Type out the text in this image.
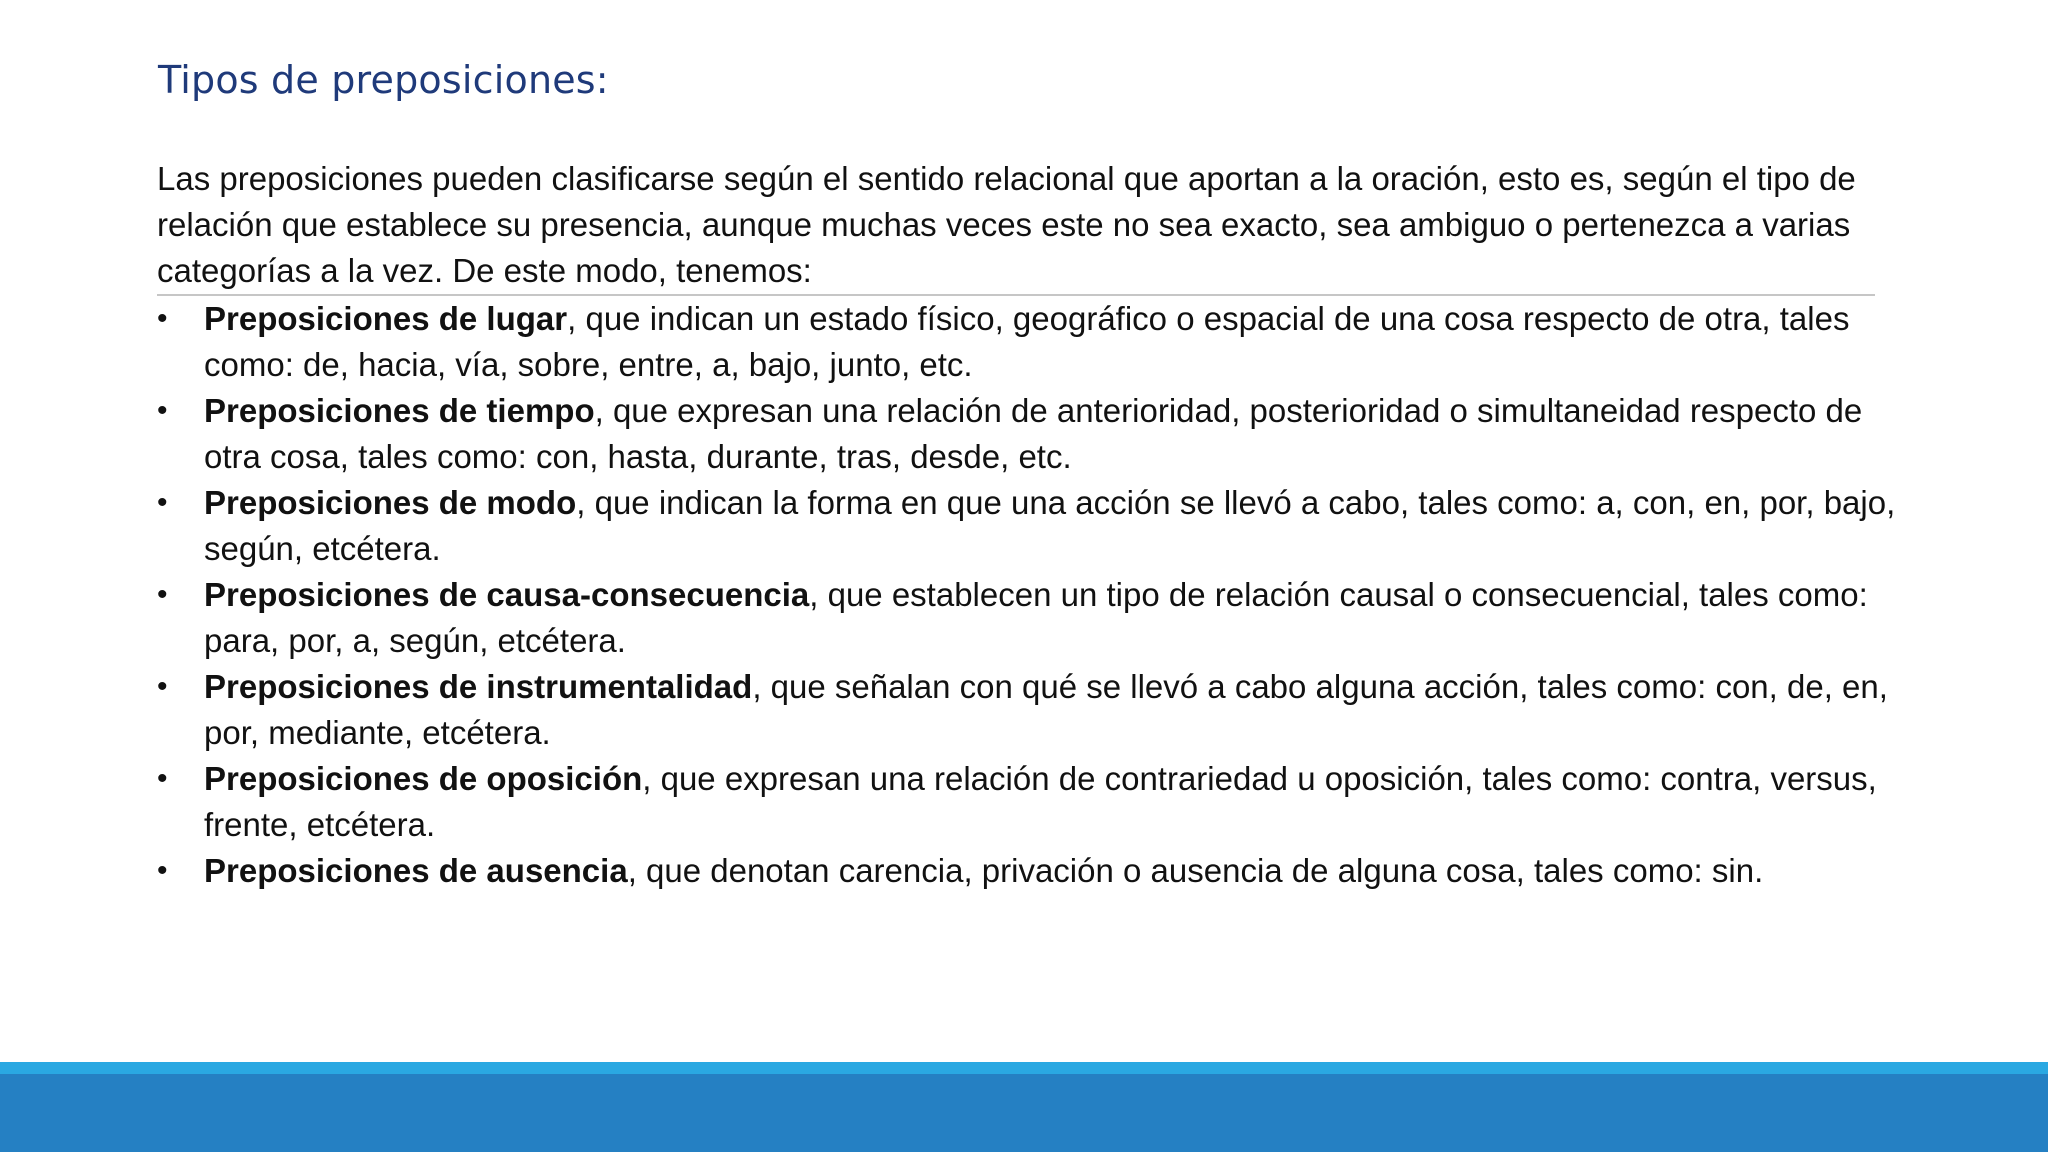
Tipos de preposiciones:

Las preposiciones pueden clasificarse según el sentido relacional que aportan a la oración, esto es, según el tipo de relación que establece su presencia, aunque muchas veces este no sea exacto, sea ambiguo o pertenezca a varias categorías a la vez. De este modo, tenemos:

• Preposiciones de lugar, que indican un estado físico, geográfico o espacial de una cosa respecto de otra, tales como: de, hacia, vía, sobre, entre, a, bajo, junto, etc.
• Preposiciones de tiempo, que expresan una relación de anterioridad, posterioridad o simultaneidad respecto de otra cosa, tales como: con, hasta, durante, tras, desde, etc.
• Preposiciones de modo, que indican la forma en que una acción se llevó a cabo, tales como: a, con, en, por, bajo, según, etcétera.
• Preposiciones de causa-consecuencia, que establecen un tipo de relación causal o consecuencial, tales como: para, por, a, según, etcétera.
• Preposiciones de instrumentalidad, que señalan con qué se llevó a cabo alguna acción, tales como: con, de, en, por, mediante, etcétera.
• Preposiciones de oposición, que expresan una relación de contrariedad u oposición, tales como: contra, versus, frente, etcétera.
• Preposiciones de ausencia, que denotan carencia, privación o ausencia de alguna cosa, tales como: sin.
